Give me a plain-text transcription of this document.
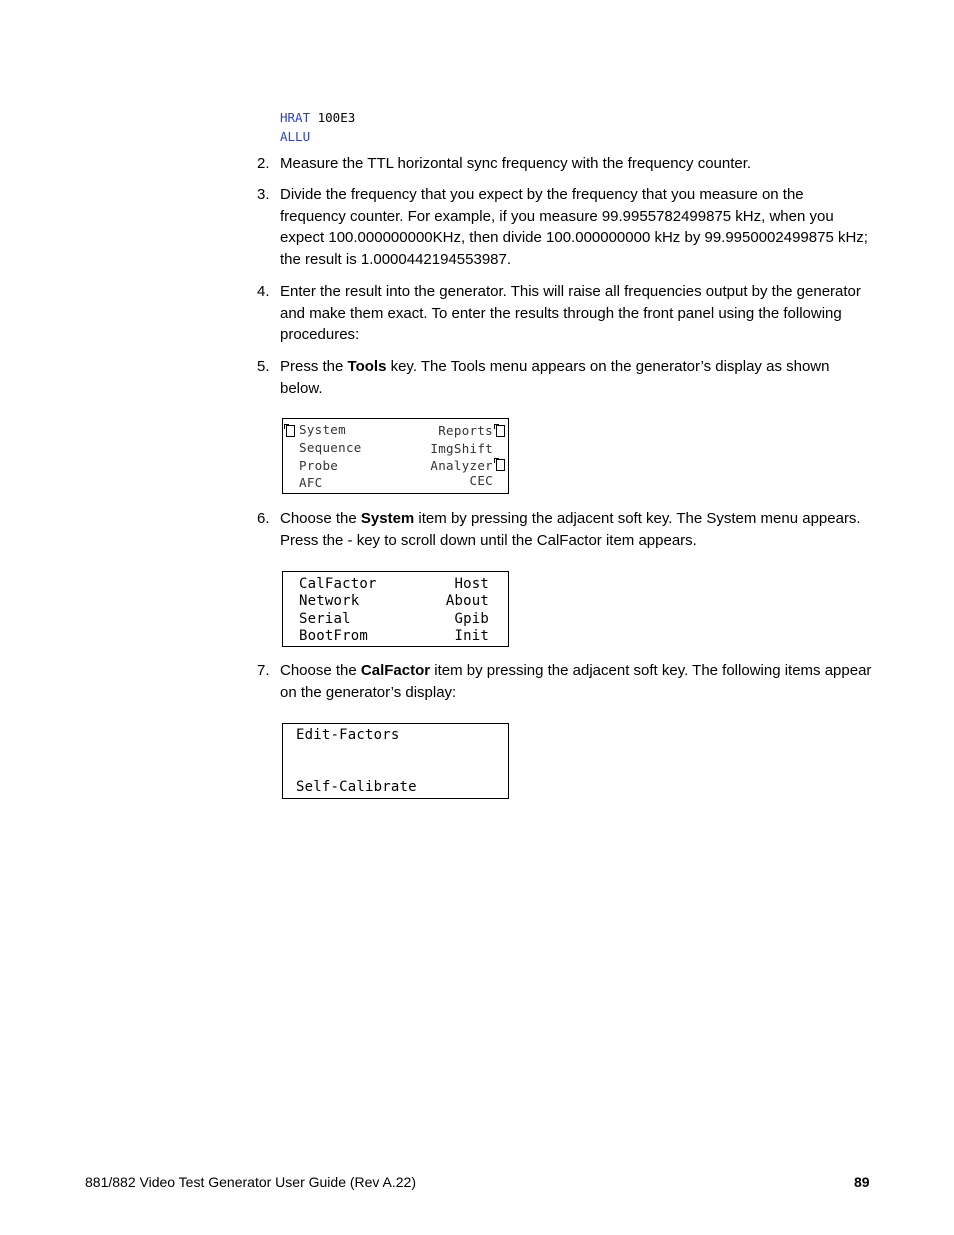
HRAT 100E3
ALLU
2. Measure the TTL horizontal sync frequency with the frequency counter.
3. Divide the frequency that you expect by the frequency that you measure on the frequency counter. For example, if you measure 99.9955782499875 kHz, when you expect 100.000000000KHz, then divide 100.000000000 kHz by 99.9950002499875 kHz; the result is 1.0000442194553987.
4. Enter the result into the generator. This will raise all frequencies output by the generator and make them exact. To enter the results through the front panel using the following procedures:
5. Press the Tools key. The Tools menu appears on the generator’s display as shown below.
System
Sequence
Probe
AFC
Reports
ImgShift
Analyzer
CEC
6. Choose the System item by pressing the adjacent soft key. The System menu appears. Press the - key to scroll down until the CalFactor item appears.
CalFactor
Network
Serial
BootFrom
Host
About
Gpib
Init
7. Choose the CalFactor item by pressing the adjacent soft key. The following items appear on the generator’s display:
Edit-Factors
Self-Calibrate
881/882 Video Test Generator User Guide (Rev A.22)	89
